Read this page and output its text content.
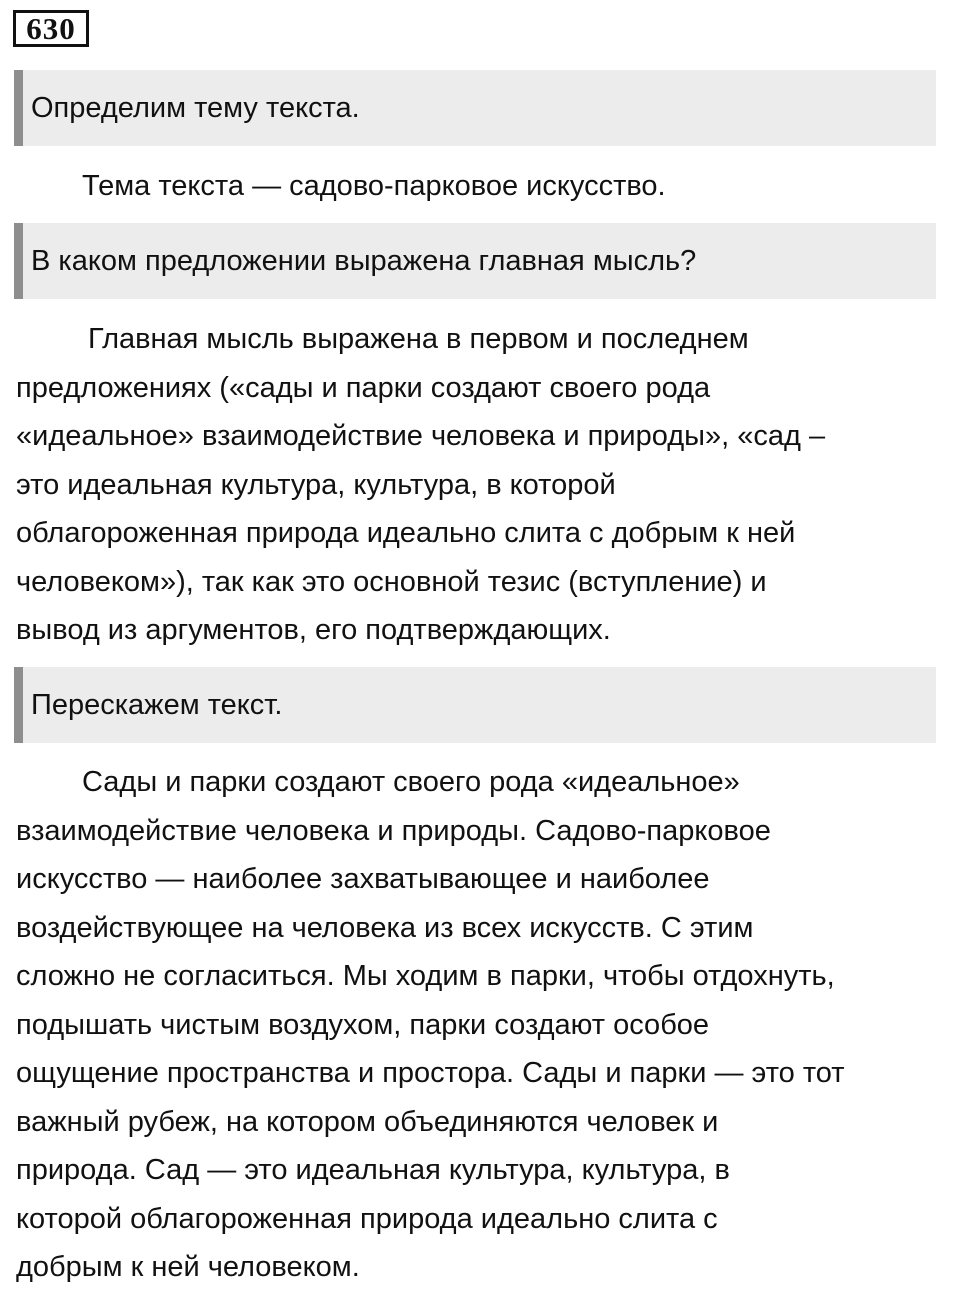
630
Определим тему текста.

Тема текста — садово-парковое искусство.

В каком предложении выражена главная мысль?

Главная мысль выражена в первом и последнем
предложениях («сады и парки создают своего рода
«идеальное» взаимодействие человека и природы», «сад –
это идеальная культура, культура, в которой
облагороженная природа идеально слита с добрым к ней
человеком»), так как это основной тезис (вступление) и
вывод из аргументов, его подтверждающих.

Перескажем текст.

Сады и парки создают своего рода «идеальное»
взаимодействие человека и природы. Садово-парковое
искусство — наиболее захватывающее и наиболее
воздействующее на человека из всех искусств. С этим
сложно не согласиться. Мы ходим в парки, чтобы отдохнуть,
подышать чистым воздухом, парки создают особое
ощущение пространства и простора. Сады и парки — это тот
важный рубеж, на котором объединяются человек и
природа. Сад — это идеальная культура, культура, в
которой облагороженная природа идеально слита с
добрым к ней человеком.
